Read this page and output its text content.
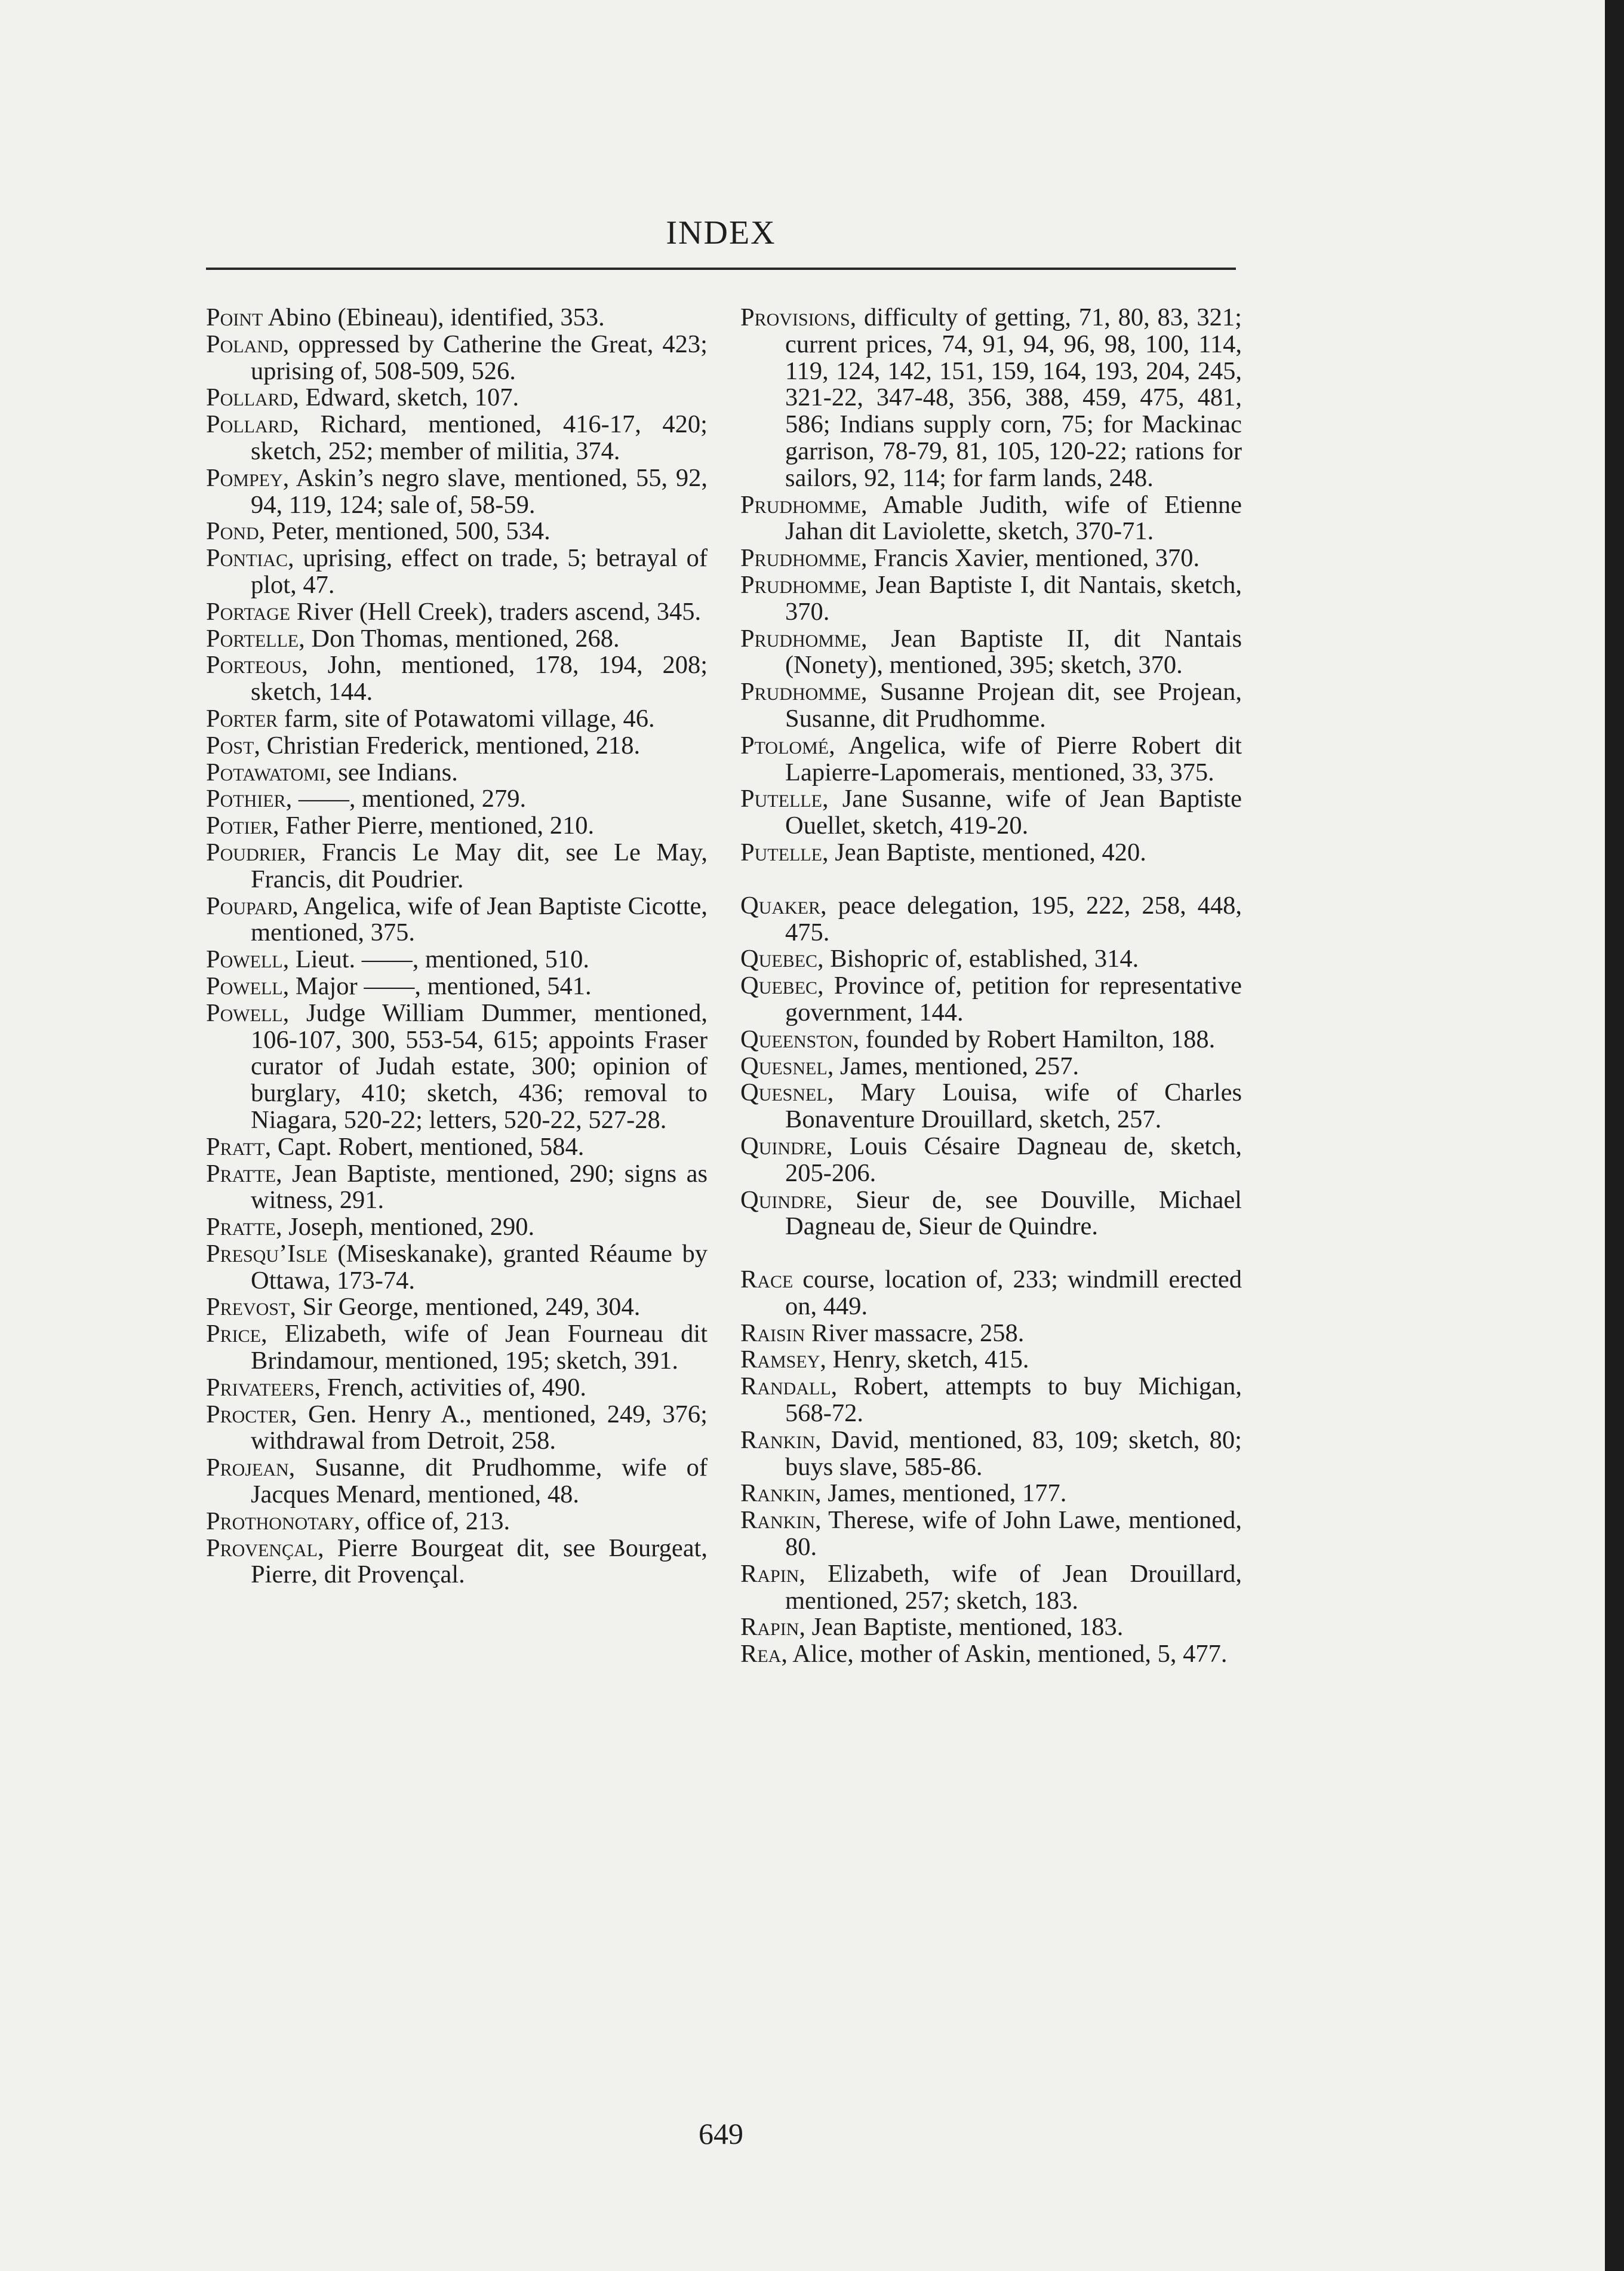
INDEX
Point Abino (Ebineau), identified, 353.
Poland, oppressed by Catherine the Great, 423; uprising of, 508-509, 526.
Pollard, Edward, sketch, 107.
Pollard, Richard, mentioned, 416-17, 420; sketch, 252; member of militia, 374.
Pompey, Askin’s negro slave, mentioned, 55, 92, 94, 119, 124; sale of, 58-59.
Pond, Peter, mentioned, 500, 534.
Pontiac, uprising, effect on trade, 5; betrayal of plot, 47.
Portage River (Hell Creek), traders ascend, 345.
Portelle, Don Thomas, mentioned, 268.
Porteous, John, mentioned, 178, 194, 208; sketch, 144.
Porter farm, site of Potawatomi village, 46.
Post, Christian Frederick, mentioned, 218.
Potawatomi, see Indians.
Pothier, ——, mentioned, 279.
Potier, Father Pierre, mentioned, 210.
Poudrier, Francis Le May dit, see Le May, Francis, dit Poudrier.
Poupard, Angelica, wife of Jean Baptiste Cicotte, mentioned, 375.
Powell, Lieut. ——, mentioned, 510.
Powell, Major ——, mentioned, 541.
Powell, Judge William Dummer, mentioned, 106-107, 300, 553-54, 615; appoints Fraser curator of Judah estate, 300; opinion of burglary, 410; sketch, 436; removal to Niagara, 520-22; letters, 520-22, 527-28.
Pratt, Capt. Robert, mentioned, 584.
Pratte, Jean Baptiste, mentioned, 290; signs as witness, 291.
Pratte, Joseph, mentioned, 290.
Presqu’Isle (Miseskanake), granted Réaume by Ottawa, 173-74.
Prevost, Sir George, mentioned, 249, 304.
Price, Elizabeth, wife of Jean Fourneau dit Brindamour, mentioned, 195; sketch, 391.
Privateers, French, activities of, 490.
Procter, Gen. Henry A., mentioned, 249, 376; withdrawal from Detroit, 258.
Projean, Susanne, dit Prudhomme, wife of Jacques Menard, mentioned, 48.
Prothonotary, office of, 213.
Provençal, Pierre Bourgeat dit, see Bourgeat, Pierre, dit Provençal.
Provisions, difficulty of getting, 71, 80, 83, 321; current prices, 74, 91, 94, 96, 98, 100, 114, 119, 124, 142, 151, 159, 164, 193, 204, 245, 321-22, 347-48, 356, 388, 459, 475, 481, 586; Indians supply corn, 75; for Mackinac garrison, 78-79, 81, 105, 120-22; rations for sailors, 92, 114; for farm lands, 248.
Prudhomme, Amable Judith, wife of Etienne Jahan dit Laviolette, sketch, 370-71.
Prudhomme, Francis Xavier, mentioned, 370.
Prudhomme, Jean Baptiste I, dit Nantais, sketch, 370.
Prudhomme, Jean Baptiste II, dit Nantais (Nonety), mentioned, 395; sketch, 370.
Prudhomme, Susanne Projean dit, see Projean, Susanne, dit Prudhomme.
Ptolomé, Angelica, wife of Pierre Robert dit Lapierre-Lapomerais, mentioned, 33, 375.
Putelle, Jane Susanne, wife of Jean Baptiste Ouellet, sketch, 419-20.
Putelle, Jean Baptiste, mentioned, 420.
Quaker, peace delegation, 195, 222, 258, 448, 475.
Quebec, Bishopric of, established, 314.
Quebec, Province of, petition for representative government, 144.
Queenston, founded by Robert Hamilton, 188.
Quesnel, James, mentioned, 257.
Quesnel, Mary Louisa, wife of Charles Bonaventure Drouillard, sketch, 257.
Quindre, Louis Césaire Dagneau de, sketch, 205-206.
Quindre, Sieur de, see Douville, Michael Dagneau de, Sieur de Quindre.
Race course, location of, 233; windmill erected on, 449.
Raisin River massacre, 258.
Ramsey, Henry, sketch, 415.
Randall, Robert, attempts to buy Michigan, 568-72.
Rankin, David, mentioned, 83, 109; sketch, 80; buys slave, 585-86.
Rankin, James, mentioned, 177.
Rankin, Therese, wife of John Lawe, mentioned, 80.
Rapin, Elizabeth, wife of Jean Drouillard, mentioned, 257; sketch, 183.
Rapin, Jean Baptiste, mentioned, 183.
Rea, Alice, mother of Askin, mentioned, 5, 477.
649
